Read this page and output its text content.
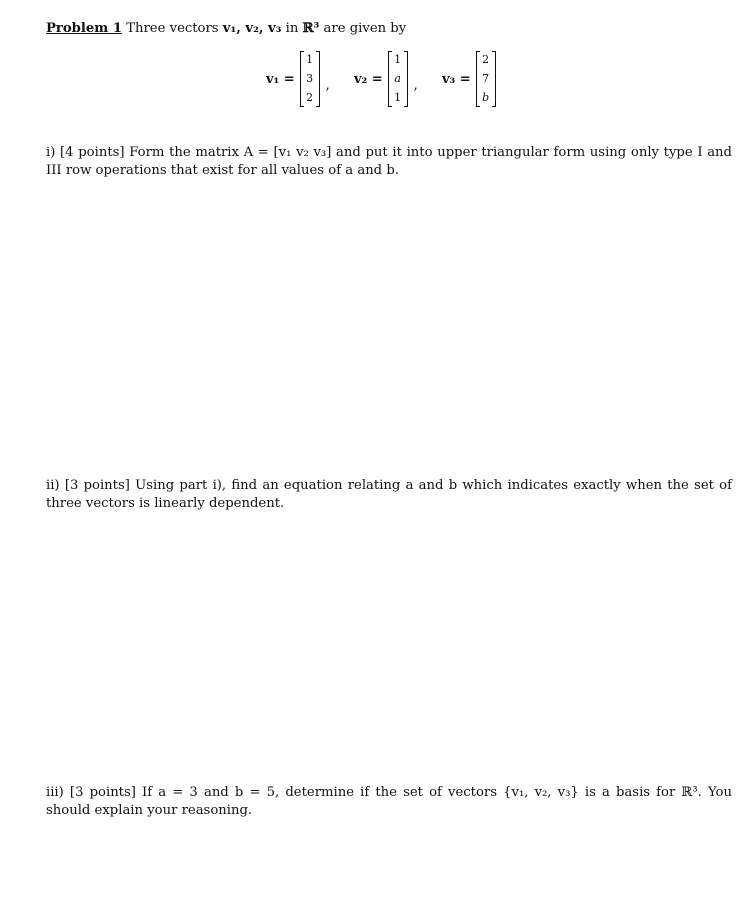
Problem 1 Three vectors v₁, v₂, v₃ in ℝ³ are given by
v₁ =
1
3
2
, v₂ =
1
a
1
, v₃ =
2
7
b
i) [4 points] Form the matrix A = [v₁ v₂ v₃] and put it into upper triangular form using only type I and III row operations that exist for all values of a and b.
ii) [3 points] Using part i), find an equation relating a and b which indicates exactly when the set of three vectors is linearly dependent.
iii) [3 points] If a = 3 and b = 5, determine if the set of vectors {v₁, v₂, v₃} is a basis for ℝ³. You should explain your reasoning.
